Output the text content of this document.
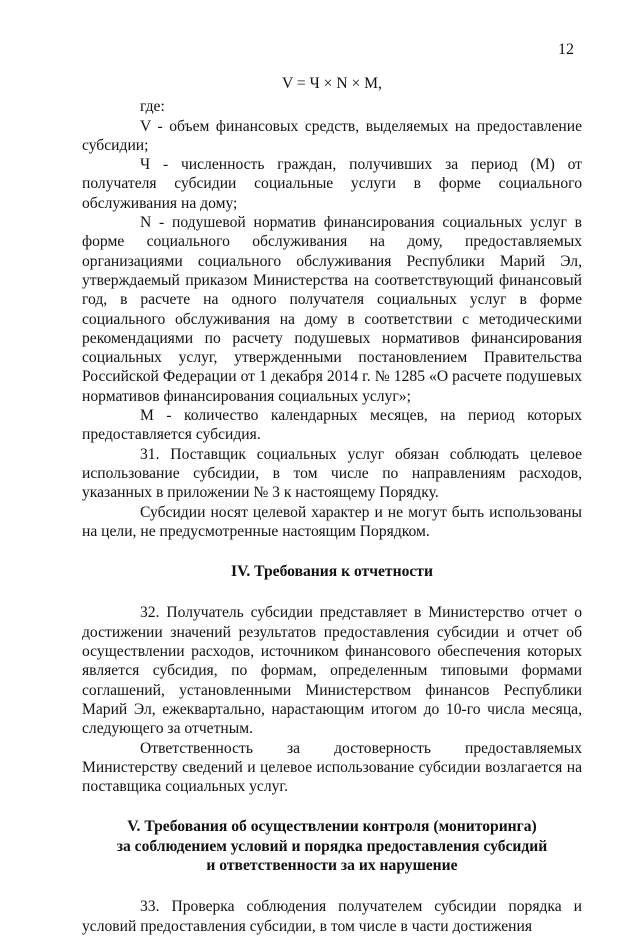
12

V = Ч × N × M,

где:

V - объем финансовых средств, выделяемых на предоставление субсидии;

Ч - численность граждан, получивших за период (М) от получателя субсидии социальные услуги в форме социального обслуживания на дому;

N - подушевой норматив финансирования социальных услуг в форме социального обслуживания на дому, предоставляемых организациями социального обслуживания Республики Марий Эл, утверждаемый приказом Министерства на соответствующий финансовый год, в расчете на одного получателя социальных услуг в форме социального обслуживания на дому в соответствии с методическими рекомендациями по расчету подушевых нормативов финансирования социальных услуг, утвержденными постановлением Правительства Российской Федерации от 1 декабря 2014 г. № 1285 «О расчете подушевых нормативов финансирования социальных услуг»;

М - количество календарных месяцев, на период которых предоставляется субсидия.

31. Поставщик социальных услуг обязан соблюдать целевое использование субсидии, в том числе по направлениям расходов, указанных в приложении № 3 к настоящему Порядку.

Субсидии носят целевой характер и не могут быть использованы на цели, не предусмотренные настоящим Порядком.

IV. Требования к отчетности

32. Получатель субсидии представляет в Министерство отчет о достижении значений результатов предоставления субсидии и отчет об осуществлении расходов, источником финансового обеспечения которых является субсидия, по формам, определенным типовыми формами соглашений, установленными Министерством финансов Республики Марий Эл, ежеквартально, нарастающим итогом до 10-го числа месяца, следующего за отчетным.

Ответственность за достоверность предоставляемых Министерству сведений и целевое использование субсидии возлагается на поставщика социальных услуг.

V. Требования об осуществлении контроля (мониторинга)
за соблюдением условий и порядка предоставления субсидий
и ответственности за их нарушение

33. Проверка соблюдения получателем субсидии порядка и условий предоставления субсидии, в том числе в части достижения
